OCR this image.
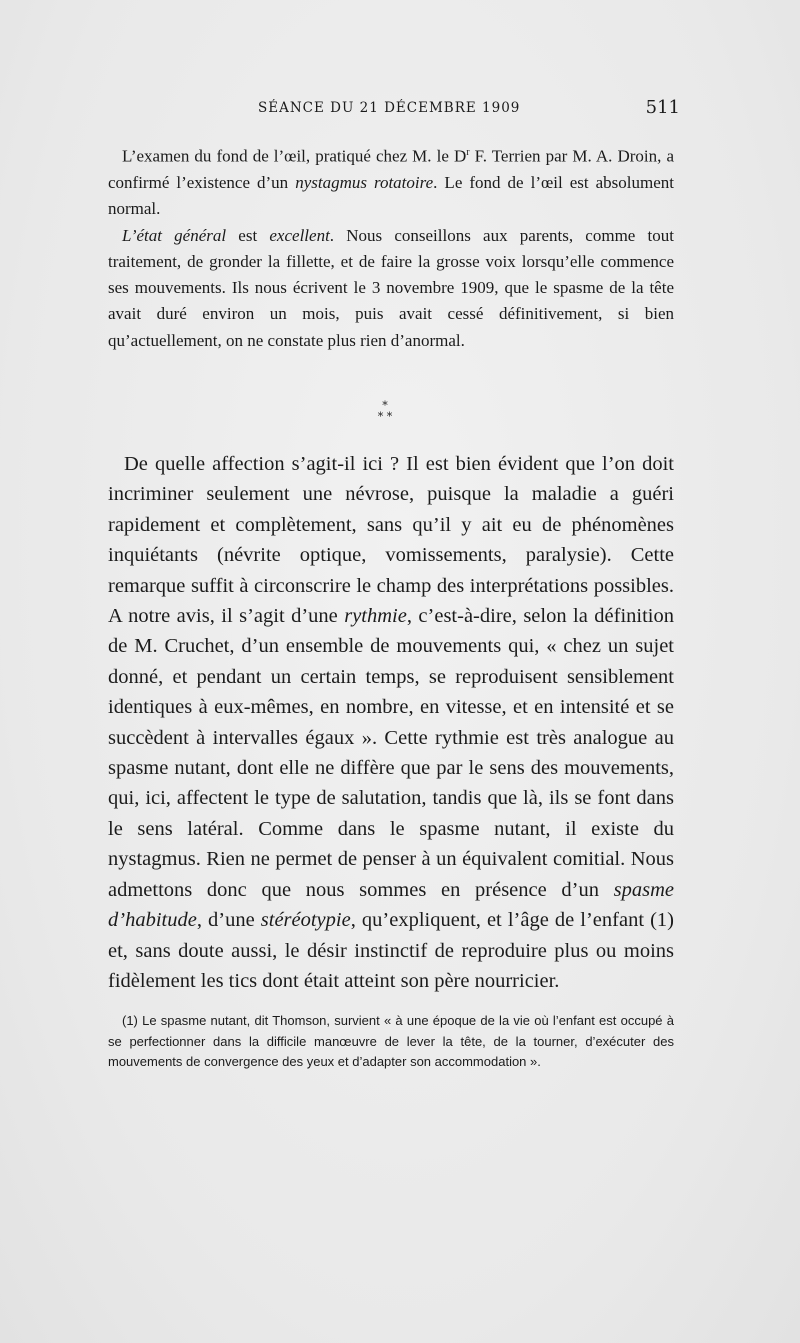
SÉANCE DU 21 DÉCEMBRE 1909	511

L’examen du fond de l’œil, pratiqué chez M. le $D^r$ F. Terrien par M. A. Droin, a confirmé l’existence d’un nystagmus rotatoire. Le fond de l’œil est absolument normal.

L’état général est excellent. Nous conseillons aux parents, comme tout traitement, de gronder la fillette, et de faire la grosse voix lorsqu’elle commence ses mouvements. Ils nous écrivent le 3 novembre 1909, que le spasme de la tête avait duré environ un mois, puis avait cessé définitivement, si bien qu’actuellement, on ne constate plus rien d’anormal.

*
* *

De quelle affection s’agit-il ici ? Il est bien évident que l’on doit incriminer seulement une névrose, puisque la maladie a guéri rapidement et complètement, sans qu’il y ait eu de phénomènes inquiétants (névrite optique, vomissements, paralysie). Cette remarque suffit à circonscrire le champ des interprétations possibles. A notre avis, il s’agit d’une rythmie, c’est-à-dire, selon la définition de M. Cruchet, d’un ensemble de mouvements qui, « chez un sujet donné, et pendant un certain temps, se reproduisent sensiblement identiques à eux-mêmes, en nombre, en vitesse, et en intensité et se succèdent à intervalles égaux ». Cette rythmie est très analogue au spasme nutant, dont elle ne diffère que par le sens des mouvements, qui, ici, affectent le type de salutation, tandis que là, ils se font dans le sens latéral. Comme dans le spasme nutant, il existe du nystagmus. Rien ne permet de penser à un équivalent comitial. Nous admettons donc que nous sommes en présence d’un spasme d’habitude, d’une stéréotypie, qu’expliquent, et l’âge de l’enfant (1) et, sans doute aussi, le désir instinctif de reproduire plus ou moins fidèlement les tics dont était atteint son père nourricier.

(1) Le spasme nutant, dit Thomson, survient « à une époque de la vie où l’enfant est occupé à se perfectionner dans la difficile manœuvre de lever la tête, de la tourner, d’exécuter des mouvements de convergence des yeux et d’adapter son accommodation ».
